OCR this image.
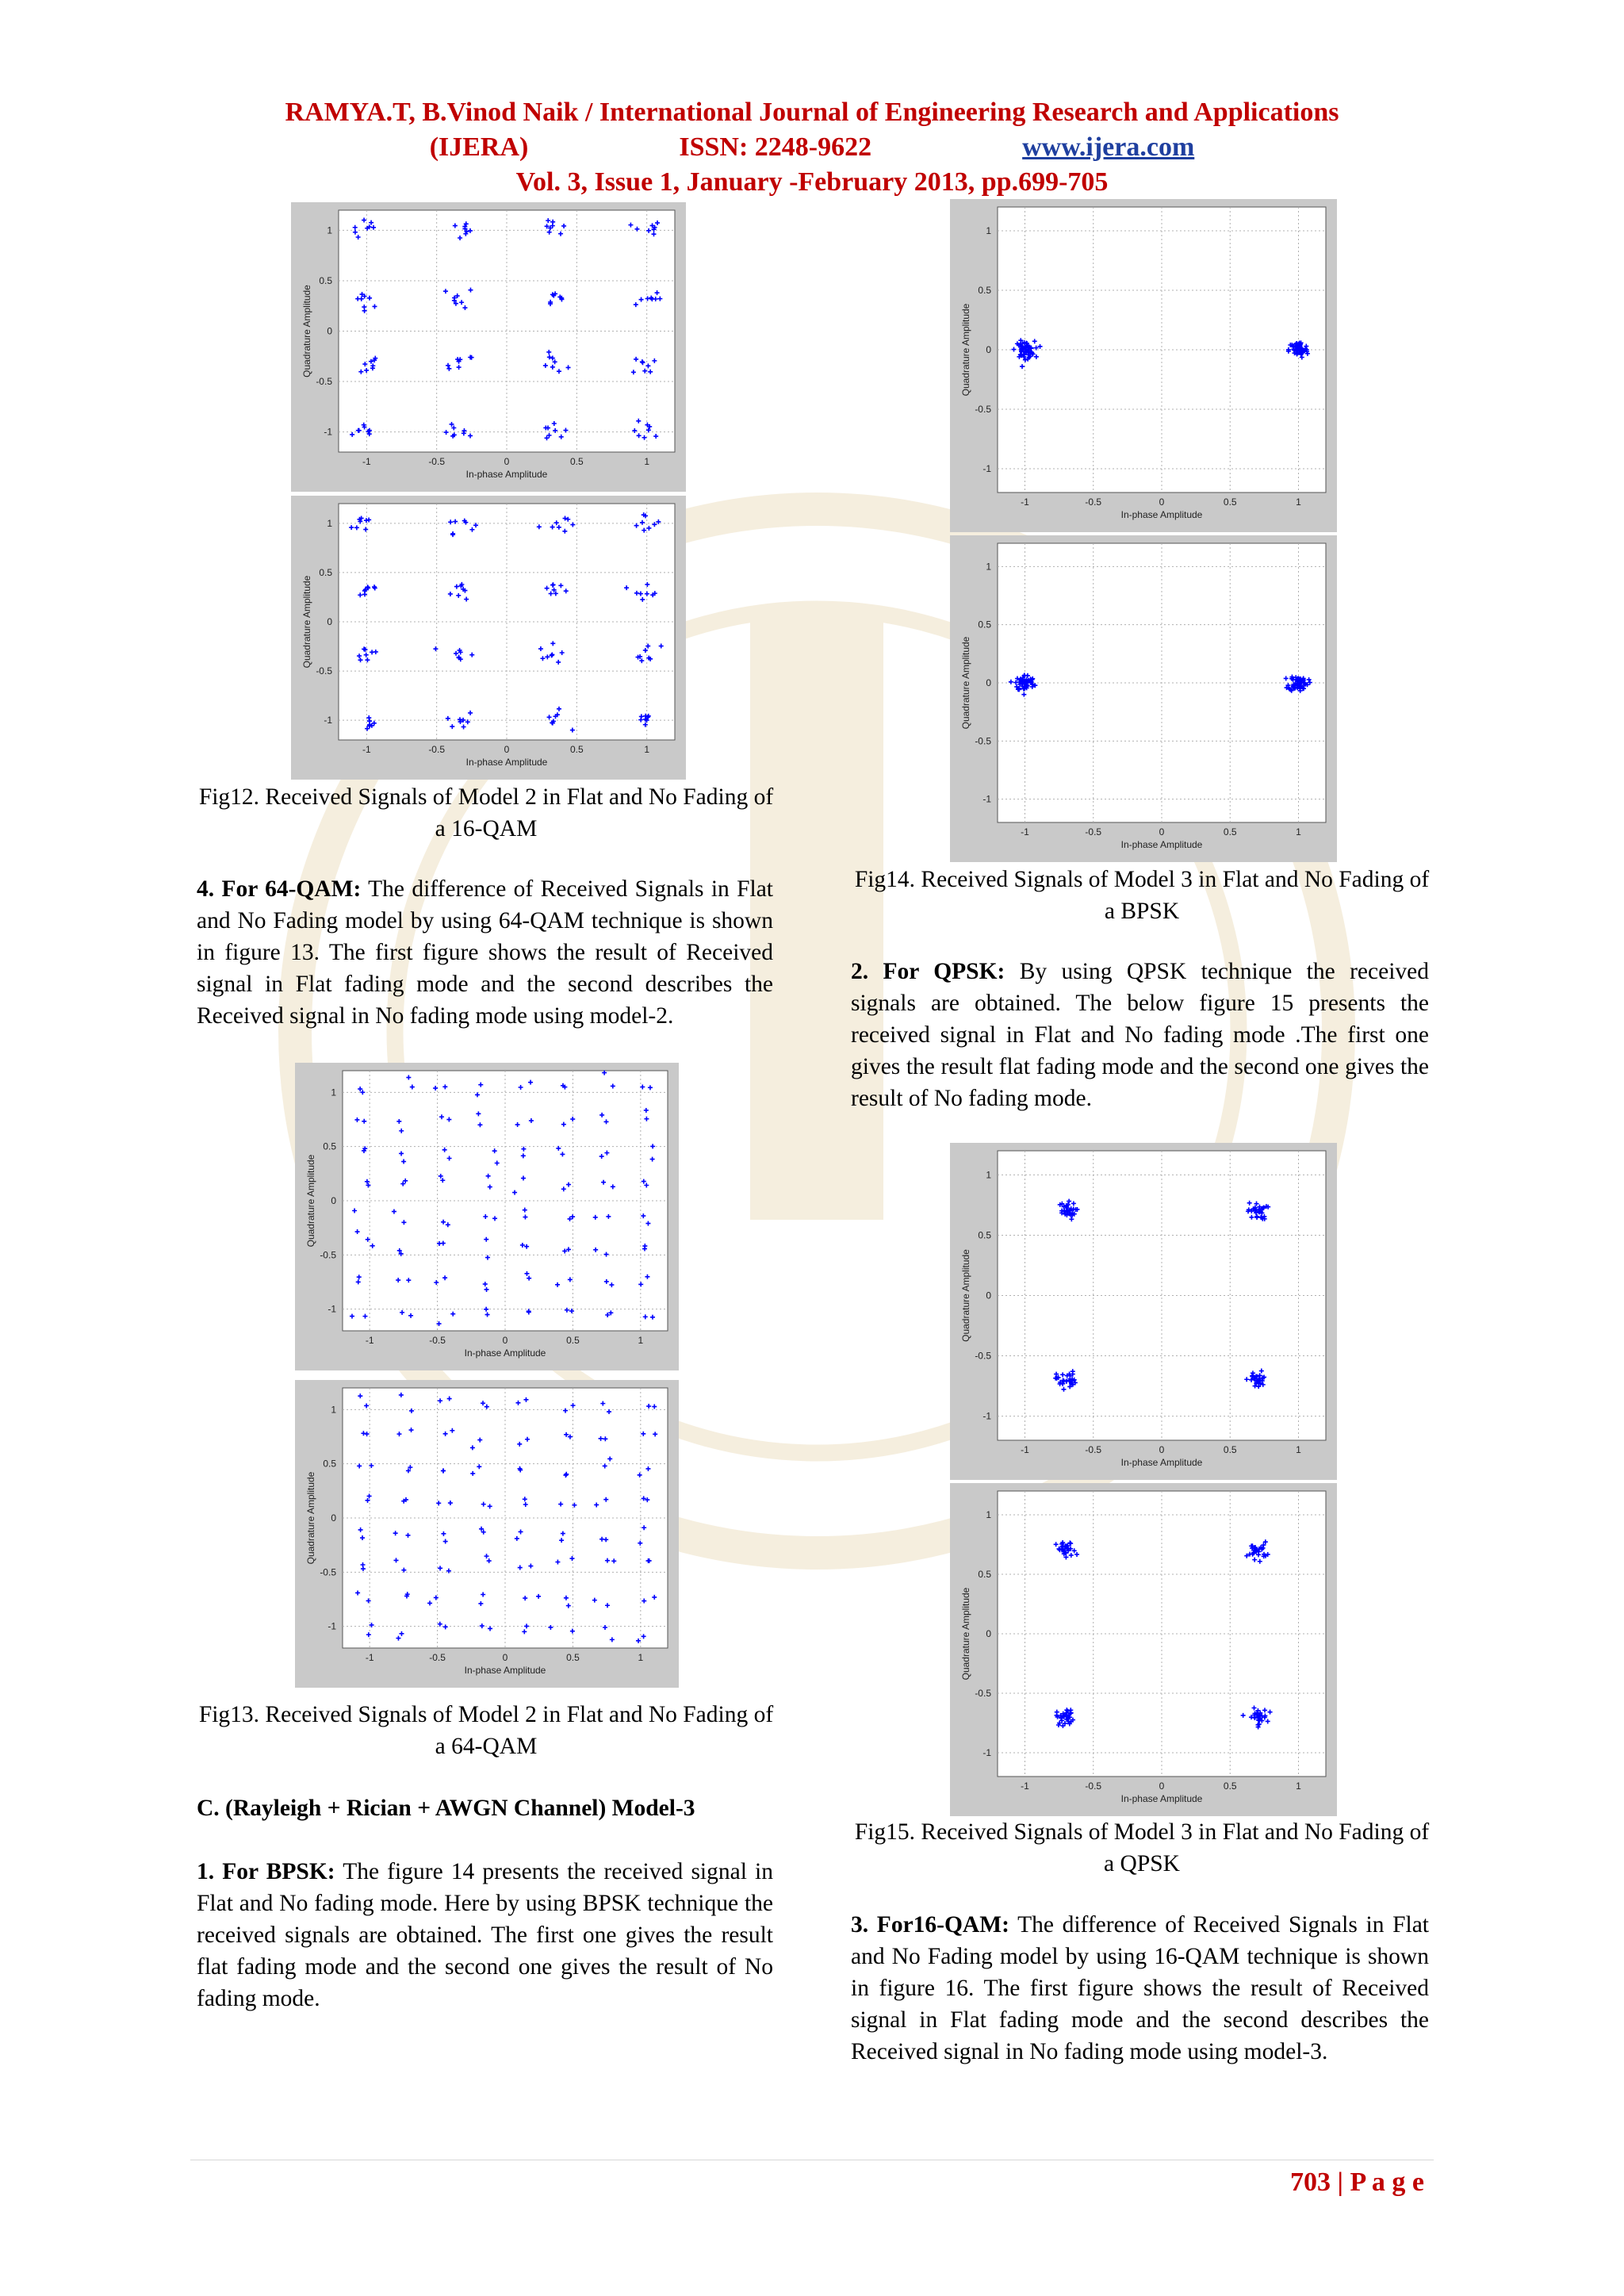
RAMYA.T, B.Vinod Naik / International Journal of Engineering Research and Applications
(IJERA)	ISSN: 2248-9622	www.ijera.com
Vol. 3, Issue 1, January -February 2013, pp.699-705
-1
-1
-0.5
-0.5
0
0
0.5
0.5
1
1
In-phase Amplitude
Quadrature Amplitude
-1
-1
-0.5
-0.5
0
0
0.5
0.5
1
1
In-phase Amplitude
Quadrature Amplitude
Fig12. Received Signals of Model 2 in Flat and No Fading of a 16-QAM
4. For 64-QAM: The difference of Received Signals in Flat and No Fading model by using 64-QAM technique is shown in figure 13. The first figure shows the result of Received signal in Flat fading mode and the second describes the Received signal in No fading mode using model-2.
-1
-1
-0.5
-0.5
0
0
0.5
0.5
1
1
In-phase Amplitude
Quadrature Amplitude
-1
-1
-0.5
-0.5
0
0
0.5
0.5
1
1
In-phase Amplitude
Quadrature Amplitude
Fig13. Received Signals of Model 2 in Flat and No Fading of a 64-QAM
C. (Rayleigh + Rician + AWGN Channel) Model-3
1. For BPSK: The figure 14 presents the received signal in Flat and No fading mode. Here by using BPSK technique the received signals are obtained. The first one gives the result flat fading mode and the second one gives the result of No fading mode.
-1
-1
-0.5
-0.5
0
0
0.5
0.5
1
1
In-phase Amplitude
Quadrature Amplitude
-1
-1
-0.5
-0.5
0
0
0.5
0.5
1
1
In-phase Amplitude
Quadrature Amplitude
Fig14. Received Signals of Model 3 in Flat and No Fading of a BPSK
2. For QPSK: By using QPSK technique the received signals are obtained. The below figure 15 presents the received signal in Flat and No fading mode .The first one gives the result flat fading mode and the second one gives the result of No fading mode.
-1
-1
-0.5
-0.5
0
0
0.5
0.5
1
1
In-phase Amplitude
Quadrature Amplitude
-1
-1
-0.5
-0.5
0
0
0.5
0.5
1
1
In-phase Amplitude
Quadrature Amplitude
Fig15. Received Signals of Model 3 in Flat and No Fading of a QPSK
3. For16-QAM: The difference of Received Signals in Flat and No Fading model by using 16-QAM technique is shown in figure 16. The first figure shows the result of Received signal in Flat fading mode and the second describes the Received signal in No fading mode using model-3.
703 | P a g e
